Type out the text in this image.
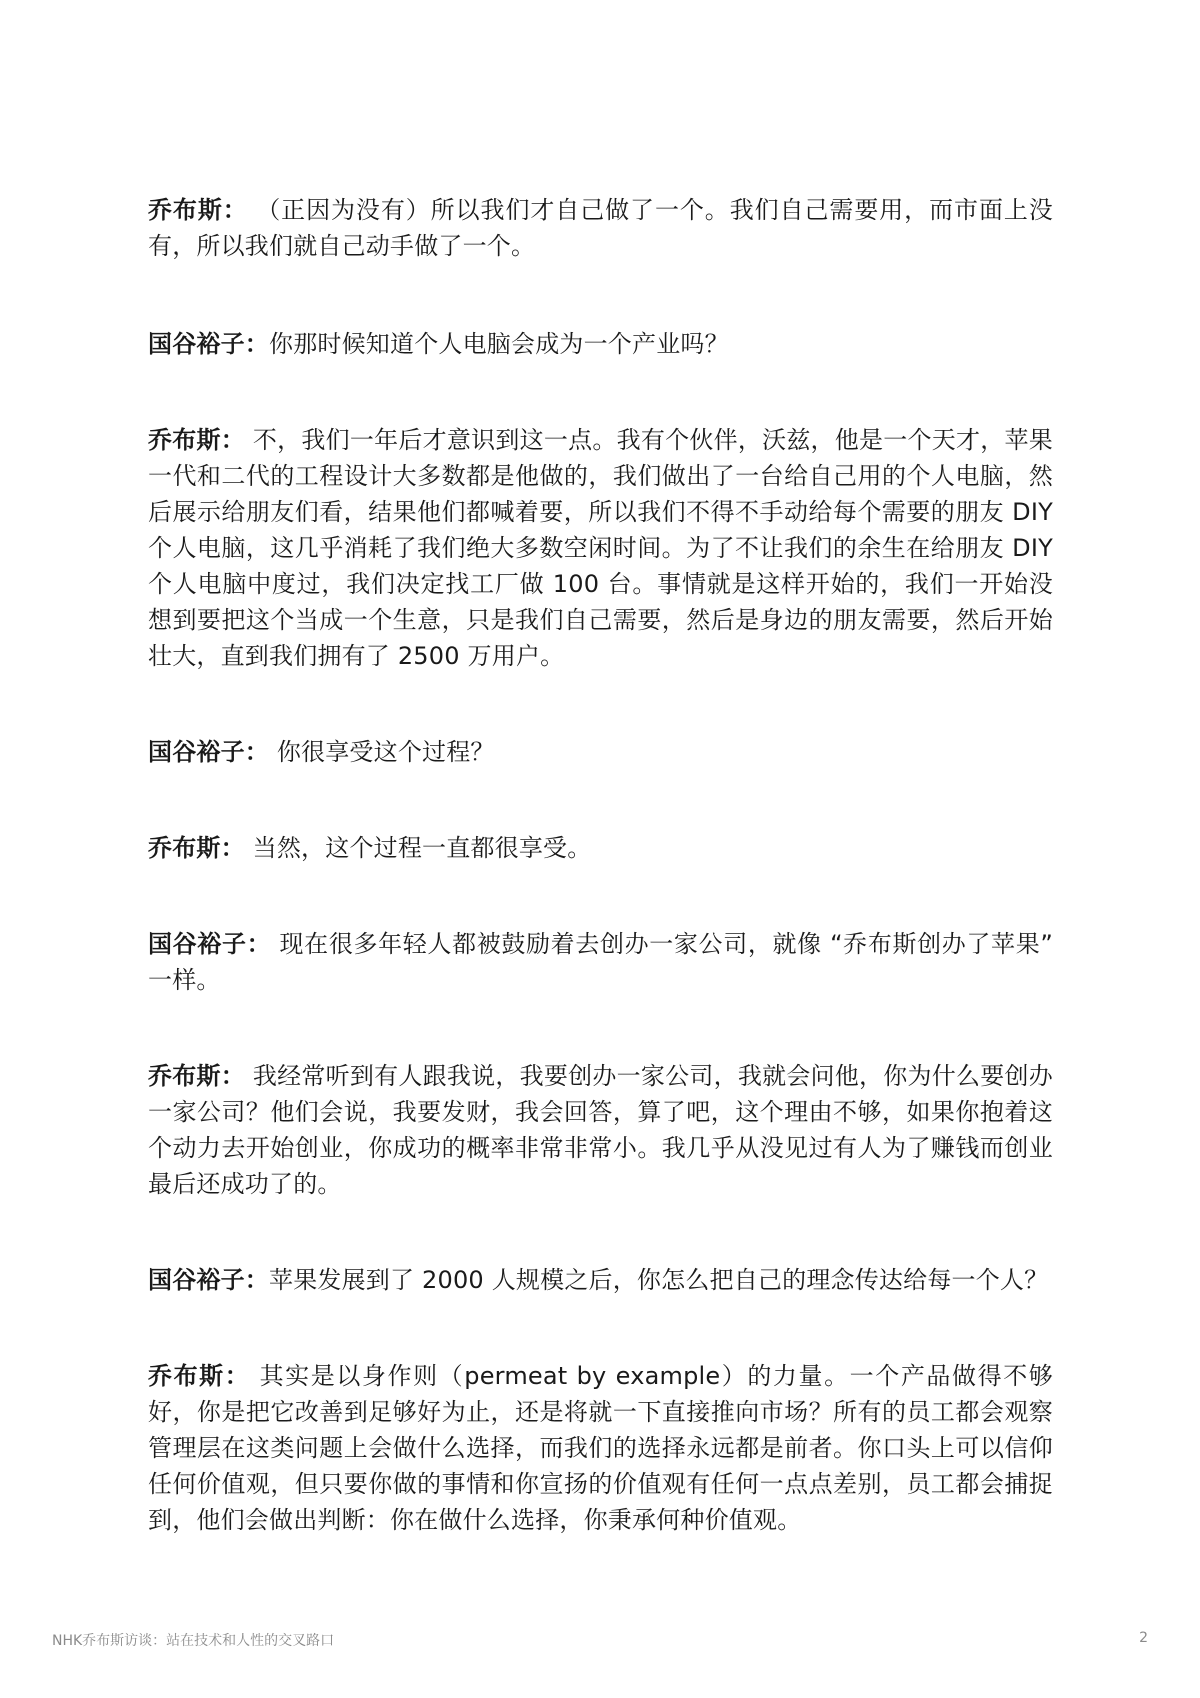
乔布斯： （正因为没有）所以我们才自己做了一个。我们自己需要用，而市面上没有，所以我们就自己动手做了一个。

国谷裕子：你那时候知道个人电脑会成为一个产业吗？

乔布斯： 不，我们一年后才意识到这一点。我有个伙伴，沃兹，他是一个天才，苹果一代和二代的工程设计大多数都是他做的，我们做出了一台给自己用的个人电脑，然后展示给朋友们看，结果他们都喊着要，所以我们不得不手动给每个需要的朋友 DIY 个人电脑，这几乎消耗了我们绝大多数空闲时间。为了不让我们的余生在给朋友 DIY 个人电脑中度过，我们决定找工厂做 100 台。事情就是这样开始的，我们一开始没想到要把这个当成一个生意，只是我们自己需要，然后是身边的朋友需要，然后开始壮大，直到我们拥有了 2500 万用户。

国谷裕子： 你很享受这个过程？

乔布斯： 当然，这个过程一直都很享受。

国谷裕子： 现在很多年轻人都被鼓励着去创办一家公司，就像 “乔布斯创办了苹果” 一样。

乔布斯： 我经常听到有人跟我说，我要创办一家公司，我就会问他，你为什么要创办一家公司？他们会说，我要发财，我会回答，算了吧，这个理由不够，如果你抱着这个动力去开始创业，你成功的概率非常非常小。我几乎从没见过有人为了赚钱而创业最后还成功了的。

国谷裕子：苹果发展到了 2000 人规模之后，你怎么把自己的理念传达给每一个人？

乔布斯： 其实是以身作则（permeat by example）的力量。一个产品做得不够好，你是把它改善到足够好为止，还是将就一下直接推向市场？所有的员工都会观察管理层在这类问题上会做什么选择，而我们的选择永远都是前者。你口头上可以信仰任何价值观，但只要你做的事情和你宣扬的价值观有任何一点点差别，员工都会捕捉到，他们会做出判断：你在做什么选择，你秉承何种价值观。

NHK乔布斯访谈：站在技术和人性的交叉路口	2
